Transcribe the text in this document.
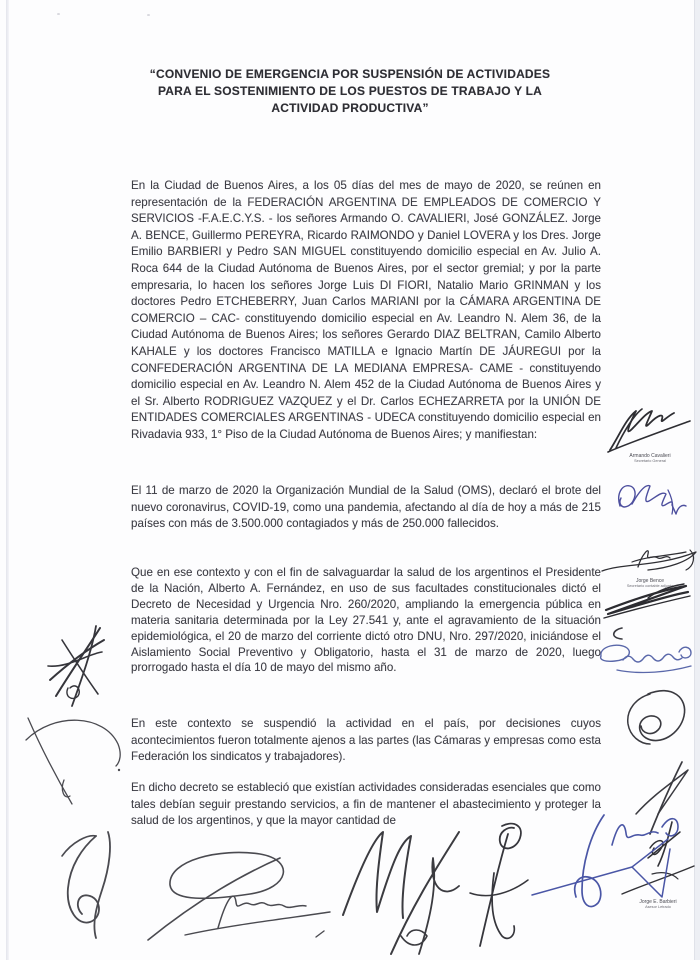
“CONVENIO DE EMERGENCIA POR SUSPENSIÓN DE ACTIVIDADES PARA EL SOSTENIMIENTO DE LOS PUESTOS DE TRABAJO Y LA ACTIVIDAD PRODUCTIVA”

En la Ciudad de Buenos Aires, a los 05 días del mes de mayo de 2020, se reúnen en representación de la FEDERACIÓN ARGENTINA DE EMPLEADOS DE COMERCIO Y SERVICIOS -F.A.E.C.Y.S. - los señores Armando O. CAVALIERI, José GONZÁLEZ. Jorge A. BENCE, Guillermo PEREYRA, Ricardo RAIMONDO y Daniel LOVERA y los Dres. Jorge Emilio BARBIERI y Pedro SAN MIGUEL constituyendo domicilio especial en Av. Julio A. Roca 644 de la Ciudad Autónoma de Buenos Aires, por el sector gremial; y por la parte empresaria, lo hacen los señores Jorge Luis DI FIORI, Natalio Mario GRINMAN y los doctores Pedro ETCHEBERRY, Juan Carlos MARIANI por la CÁMARA ARGENTINA DE COMERCIO – CAC- constituyendo domicilio especial en Av. Leandro N. Alem 36, de la Ciudad Autónoma de Buenos Aires; los señores Gerardo DIAZ BELTRAN, Camilo Alberto KAHALE y los doctores Francisco MATILLA e Ignacio Martín DE JÁUREGUI por la CONFEDERACIÓN ARGENTINA DE LA MEDIANA EMPRESA- CAME - constituyendo domicilio especial en Av. Leandro N. Alem 452 de la Ciudad Autónoma de Buenos Aires y el Sr. Alberto RODRIGUEZ VAZQUEZ y el Dr. Carlos ECHEZARRETA por la UNIÓN DE ENTIDADES COMERCIALES ARGENTINAS - UDECA constituyendo domicilio especial en Rivadavia 933, 1° Piso de la Ciudad Autónoma de Buenos Aires; y manifiestan:

El 11 de marzo de 2020 la Organización Mundial de la Salud (OMS), declaró el brote del nuevo coronavirus, COVID-19, como una pandemia, afectando al día de hoy a más de 215 países con más de 3.500.000 contagiados y más de 250.000 fallecidos.

Que en ese contexto y con el fin de salvaguardar la salud de los argentinos el Presidente de la Nación, Alberto A. Fernández, en uso de sus facultades constitucionales dictó el Decreto de Necesidad y Urgencia Nro. 260/2020, ampliando la emergencia pública en materia sanitaria determinada por la Ley 27.541 y, ante el agravamiento de la situación epidemiológica, el 20 de marzo del corriente dictó otro DNU, Nro. 297/2020, iniciándose el Aislamiento Social Preventivo y Obligatorio, hasta el 31 de marzo de 2020, luego prorrogado hasta el día 10 de mayo del mismo año.

En este contexto se suspendió la actividad en el país, por decisiones cuyos acontecimientos fueron totalmente ajenos a las partes (las Cámaras y empresas como esta Federación los sindicatos y trabajadores).

En dicho decreto se estableció que existían actividades consideradas esenciales que como tales debían seguir prestando servicios, a fin de mantener el abastecimiento y proteger la salud de los argentinos, y que la mayor cantidad de

Armando Cavalieri
Secretario General
Jorge Bence
Secretario contable adjunto
Jorge E. Barbieri
Asesor Letrado
